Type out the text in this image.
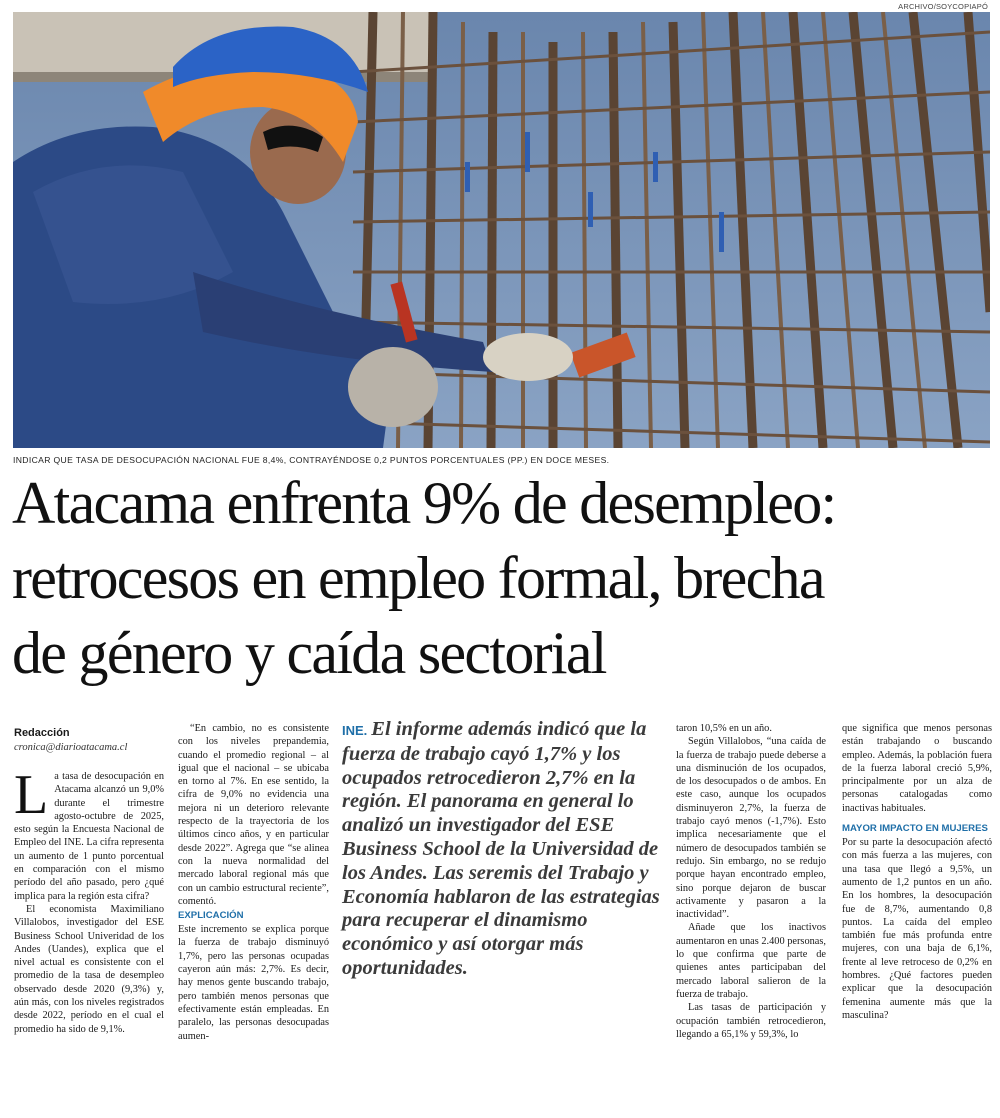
ARCHIVO/SOYCOPIAPÓ
INDICAR QUE TASA DE DESOCUPACIÓN NACIONAL FUE 8,4%, CONTRAYÉNDOSE 0,2 PUNTOS PORCENTUALES (PP.) EN DOCE MESES.
Atacama enfrenta 9% de desempleo:
retrocesos en empleo formal, brecha
de género y caída sectorial
Redacción
cronica@diarioatacama.cl

La tasa de desocupación en Atacama alcanzó un 9,0% durante el trimestre agosto-octubre de 2025, esto según la Encuesta Nacional de Empleo del INE. La cifra representa un aumento de 1 punto porcentual en comparación con el mismo período del año pasado, pero ¿qué implica para la región esta cifra?

El economista Maximiliano Villalobos, investigador del ESE Business School Univeridad de los Andes (Uandes), explica que el nivel actual es consistente con el promedio de la tasa de desempleo observado desde 2020 (9,3%) y, aún más, con los niveles registrados desde 2022, período en el cual el promedio ha sido de 9,1%.

“En cambio, no es consistente con los niveles prepandemia, cuando el promedio regional – al igual que el nacional – se ubicaba en torno al 7%. En ese sentido, la cifra de 9,0% no evidencia una mejora ni un deterioro relevante respecto de la trayectoria de los últimos cinco años, y en particular desde 2022”. Agrega que “se alinea con la nueva normalidad del mercado laboral regional más que con un cambio estructural reciente”, comentó.

EXPLICACIÓN

Este incremento se explica porque la fuerza de trabajo disminuyó 1,7%, pero las personas ocupadas cayeron aún más: 2,7%. Es decir, hay menos gente buscando trabajo, pero también menos personas que efectivamente están empleadas. En paralelo, las personas desocupadas aumen-

INE. El informe además indicó que la fuerza de trabajo cayó 1,7% y los ocupados retrocedieron 2,7% en la región. El panorama en general lo analizó un investigador del ESE Business School de la Universidad de los Andes. Las seremis del Trabajo y Economía hablaron de las estrategias para recuperar el dinamismo económico y así otorgar más oportunidades.

taron 10,5% en un año.

Según Villalobos, “una caída de la fuerza de trabajo puede deberse a una disminución de los ocupados, de los desocupados o de ambos. En este caso, aunque los ocupados disminuyeron 2,7%, la fuerza de trabajo cayó menos (-1,7%). Esto implica necesariamente que el número de desocupados también se redujo. Sin embargo, no se redujo porque hayan encontrado empleo, sino porque dejaron de buscar activamente y pasaron a la inactividad”.

Añade que los inactivos aumentaron en unas 2.400 personas, lo que confirma que parte de quienes antes participaban del mercado laboral salieron de la fuerza de trabajo.

Las tasas de participación y ocupación también retrocedieron, llegando a 65,1% y 59,3%, lo

que significa que menos personas están trabajando o buscando empleo. Además, la población fuera de la fuerza laboral creció 5,9%, principalmente por un alza de personas catalogadas como inactivas habituales.

MAYOR IMPACTO EN MUJERES

Por su parte la desocupación afectó con más fuerza a las mujeres, con una tasa que llegó a 9,5%, un aumento de 1,2 puntos en un año. En los hombres, la desocupación fue de 8,7%, aumentando 0,8 puntos. La caída del empleo también fue más profunda entre mujeres, con una baja de 6,1%, frente al leve retroceso de 0,2% en hombres. ¿Qué factores pueden explicar que la desocupación femenina aumente más que la masculina?
